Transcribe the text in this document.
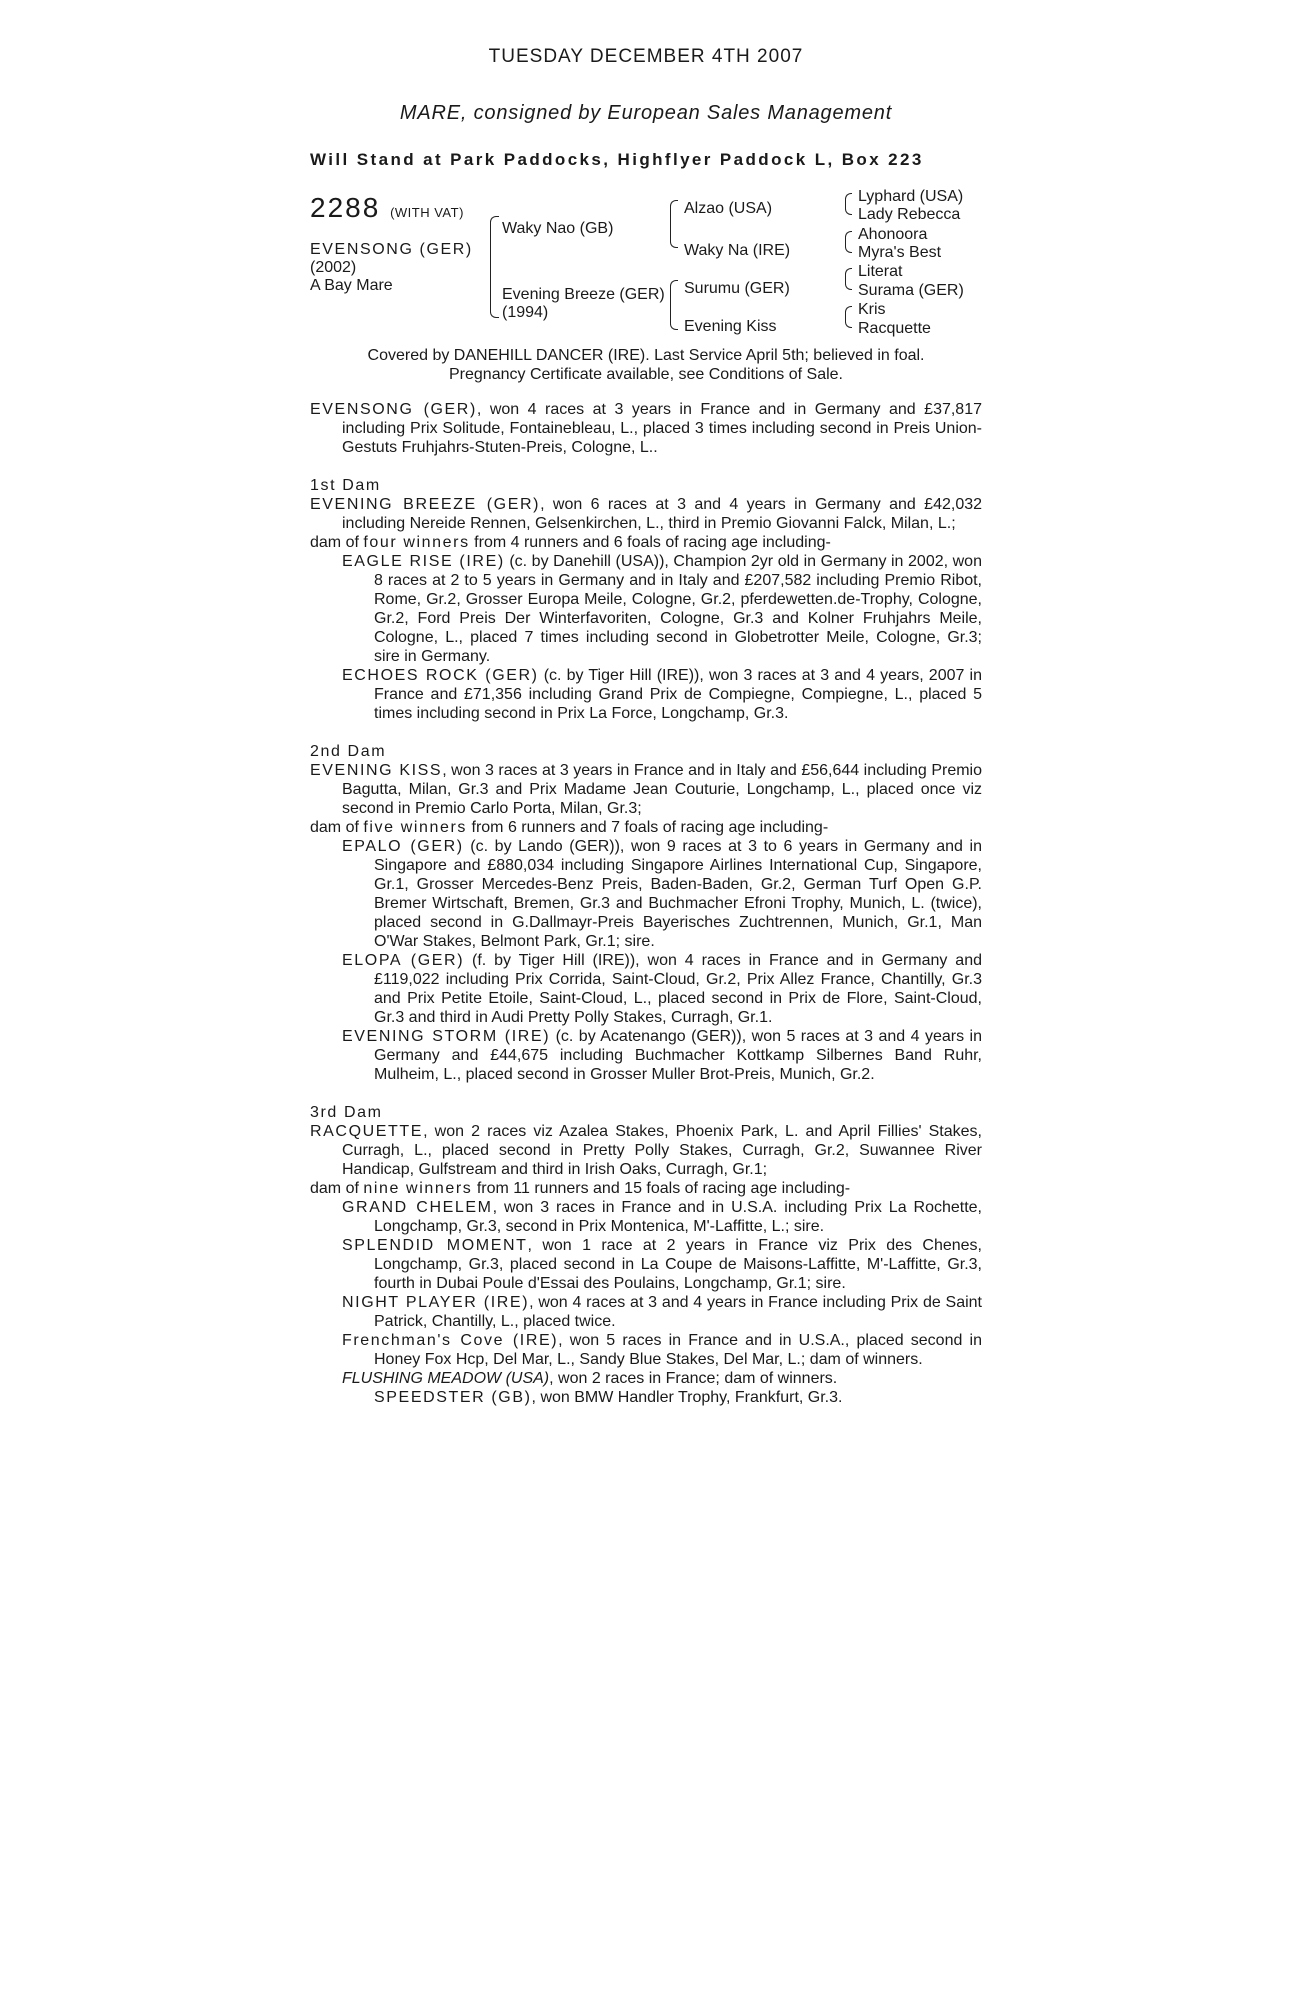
TUESDAY DECEMBER 4TH 2007
MARE, consigned by European Sales Management
Will Stand at Park Paddocks, Highflyer Paddock L, Box 223
2288 (WITH VAT)
EVENSONG (GER)
(2002)
A Bay Mare
Waky Nao (GB)
Evening Breeze (GER)
(1994)
Alzao (USA)
Waky Na (IRE)
Surumu (GER)
Evening Kiss
Lyphard (USA)
Lady Rebecca
Ahonoora
Myra's Best
Literat
Surama (GER)
Kris
Racquette
Covered by DANEHILL DANCER (IRE). Last Service April 5th; believed in foal.
Pregnancy Certificate available, see Conditions of Sale.
EVENSONG (GER), won 4 races at 3 years in France and in Germany and £37,817 including Prix Solitude, Fontainebleau, L., placed 3 times including second in Preis Union-Gestuts Fruhjahrs-Stuten-Preis, Cologne, L..
1st Dam
EVENING BREEZE (GER), won 6 races at 3 and 4 years in Germany and £42,032 including Nereide Rennen, Gelsenkirchen, L., third in Premio Giovanni Falck, Milan, L.;
dam of four winners from 4 runners and 6 foals of racing age including-
EAGLE RISE (IRE) (c. by Danehill (USA)), Champion 2yr old in Germany in 2002, won 8 races at 2 to 5 years in Germany and in Italy and £207,582 including Premio Ribot, Rome, Gr.2, Grosser Europa Meile, Cologne, Gr.2, pferdewetten.de-Trophy, Cologne, Gr.2, Ford Preis Der Winterfavoriten, Cologne, Gr.3 and Kolner Fruhjahrs Meile, Cologne, L., placed 7 times including second in Globetrotter Meile, Cologne, Gr.3; sire in Germany.
ECHOES ROCK (GER) (c. by Tiger Hill (IRE)), won 3 races at 3 and 4 years, 2007 in France and £71,356 including Grand Prix de Compiegne, Compiegne, L., placed 5 times including second in Prix La Force, Longchamp, Gr.3.
2nd Dam
EVENING KISS, won 3 races at 3 years in France and in Italy and £56,644 including Premio Bagutta, Milan, Gr.3 and Prix Madame Jean Couturie, Longchamp, L., placed once viz second in Premio Carlo Porta, Milan, Gr.3;
dam of five winners from 6 runners and 7 foals of racing age including-
EPALO (GER) (c. by Lando (GER)), won 9 races at 3 to 6 years in Germany and in Singapore and £880,034 including Singapore Airlines International Cup, Singapore, Gr.1, Grosser Mercedes-Benz Preis, Baden-Baden, Gr.2, German Turf Open G.P. Bremer Wirtschaft, Bremen, Gr.3 and Buchmacher Efroni Trophy, Munich, L. (twice), placed second in G.Dallmayr-Preis Bayerisches Zuchtrennen, Munich, Gr.1, Man O'War Stakes, Belmont Park, Gr.1; sire.
ELOPA (GER) (f. by Tiger Hill (IRE)), won 4 races in France and in Germany and £119,022 including Prix Corrida, Saint-Cloud, Gr.2, Prix Allez France, Chantilly, Gr.3 and Prix Petite Etoile, Saint-Cloud, L., placed second in Prix de Flore, Saint-Cloud, Gr.3 and third in Audi Pretty Polly Stakes, Curragh, Gr.1.
EVENING STORM (IRE) (c. by Acatenango (GER)), won 5 races at 3 and 4 years in Germany and £44,675 including Buchmacher Kottkamp Silbernes Band Ruhr, Mulheim, L., placed second in Grosser Muller Brot-Preis, Munich, Gr.2.
3rd Dam
RACQUETTE, won 2 races viz Azalea Stakes, Phoenix Park, L. and April Fillies' Stakes, Curragh, L., placed second in Pretty Polly Stakes, Curragh, Gr.2, Suwannee River Handicap, Gulfstream and third in Irish Oaks, Curragh, Gr.1;
dam of nine winners from 11 runners and 15 foals of racing age including-
GRAND CHELEM, won 3 races in France and in U.S.A. including Prix La Rochette, Longchamp, Gr.3, second in Prix Montenica, M'-Laffitte, L.; sire.
SPLENDID MOMENT, won 1 race at 2 years in France viz Prix des Chenes, Longchamp, Gr.3, placed second in La Coupe de Maisons-Laffitte, M'-Laffitte, Gr.3, fourth in Dubai Poule d'Essai des Poulains, Longchamp, Gr.1; sire.
NIGHT PLAYER (IRE), won 4 races at 3 and 4 years in France including Prix de Saint Patrick, Chantilly, L., placed twice.
Frenchman's Cove (IRE), won 5 races in France and in U.S.A., placed second in Honey Fox Hcp, Del Mar, L., Sandy Blue Stakes, Del Mar, L.; dam of winners.
FLUSHING MEADOW (USA), won 2 races in France; dam of winners.
SPEEDSTER (GB), won BMW Handler Trophy, Frankfurt, Gr.3.
